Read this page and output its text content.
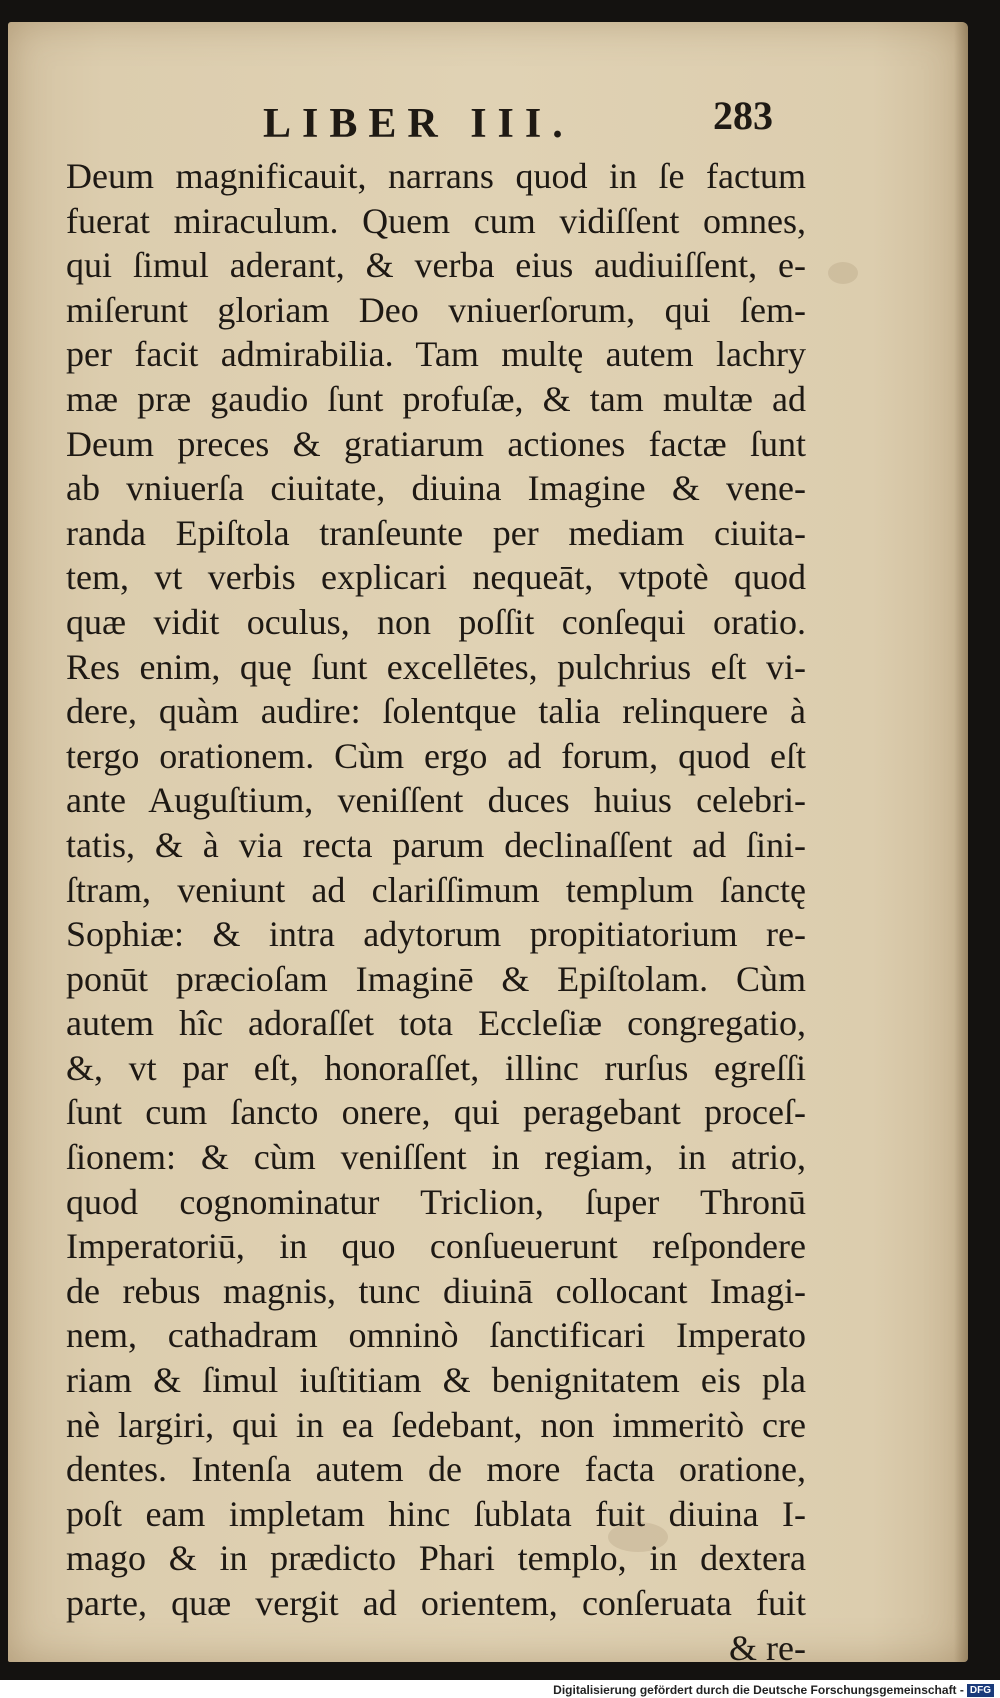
LIBER III.	283
Deum magnificauit, narrans quod in ſe factum
fuerat miraculum. Quem cum vidiſſent omnes,
qui ſimul aderant, & verba eius audiuiſſent, e-
miſerunt gloriam Deo vniuerſorum, qui ſem-
per facit admirabilia. Tam multę autem lachry
mæ præ gaudio ſunt profuſæ, & tam multæ ad
Deum preces & gratiarum actiones factæ ſunt
ab vniuerſa ciuitate, diuina Imagine & vene-
randa Epiſtola tranſeunte per mediam ciuita-
tem, vt verbis explicari nequeāt, vtpotè quod
quæ vidit oculus, non poſſit conſequi oratio.
Res enim, quę ſunt excellētes, pulchrius eſt vi-
dere, quàm audire: ſolentque talia relinquere à
tergo orationem. Cùm ergo ad forum, quod eſt
ante Auguſtium, veniſſent duces huius celebri-
tatis, & à via recta parum declinaſſent ad ſini-
ſtram, veniunt ad clariſſimum templum ſanctę
Sophiæ: & intra adytorum propitiatorium re-
ponūt præcioſam Imaginē & Epiſtolam. Cùm
autem hîc adoraſſet tota Eccleſiæ congregatio,
&, vt par eſt, honoraſſet, illinc rurſus egreſſi
ſunt cum ſancto onere, qui peragebant proceſ-
ſionem: & cùm veniſſent in regiam, in atrio,
quod cognominatur Triclion, ſuper Thronū
Imperatoriū, in quo conſueuerunt reſpondere
de rebus magnis, tunc diuinā collocant Imagi-
nem, cathadram omninò ſanctificari Imperato
riam & ſimul iuſtitiam & benignitatem eis pla
nè largiri, qui in ea ſedebant, non immeritò cre
dentes. Intenſa autem de more facta oratione,
poſt eam impletam hinc ſublata fuit diuina I-
mago & in prædicto Phari templo, in dextera
parte, quæ vergit ad orientem, conſeruata fuit
& re-
Digitalisierung gefördert durch die Deutsche Forschungsgemeinschaft - DFG
